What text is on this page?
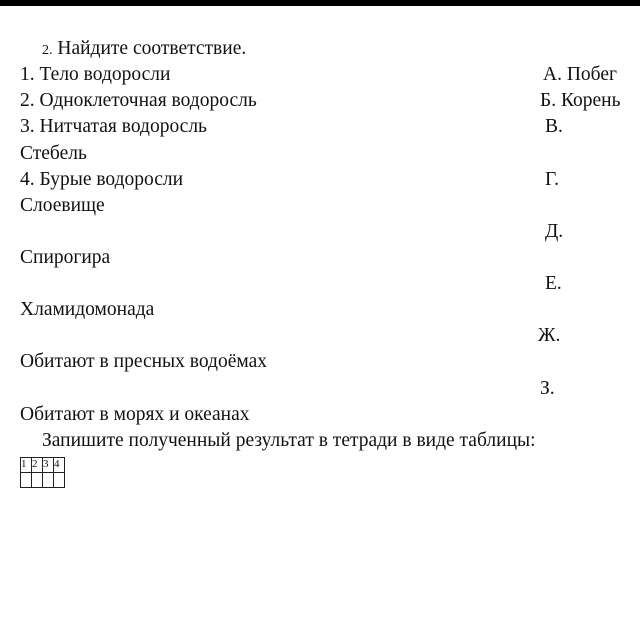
2. Найдите соответствие.
1. Тело водоросли
2. Одноклеточная водоросль
3. Нитчатая водоросль
Стебель
4. Бурые водоросли
Слоевище
Спирогира
Хламидомонада
Обитают в пресных водоёмах
Обитают в морях и океанах
А. Побег
Б. Корень
В.
Г.
Д.
Е.
Ж.
З.
Запишите полученный результат в тетради в виде таблицы:
1	2	3	4
